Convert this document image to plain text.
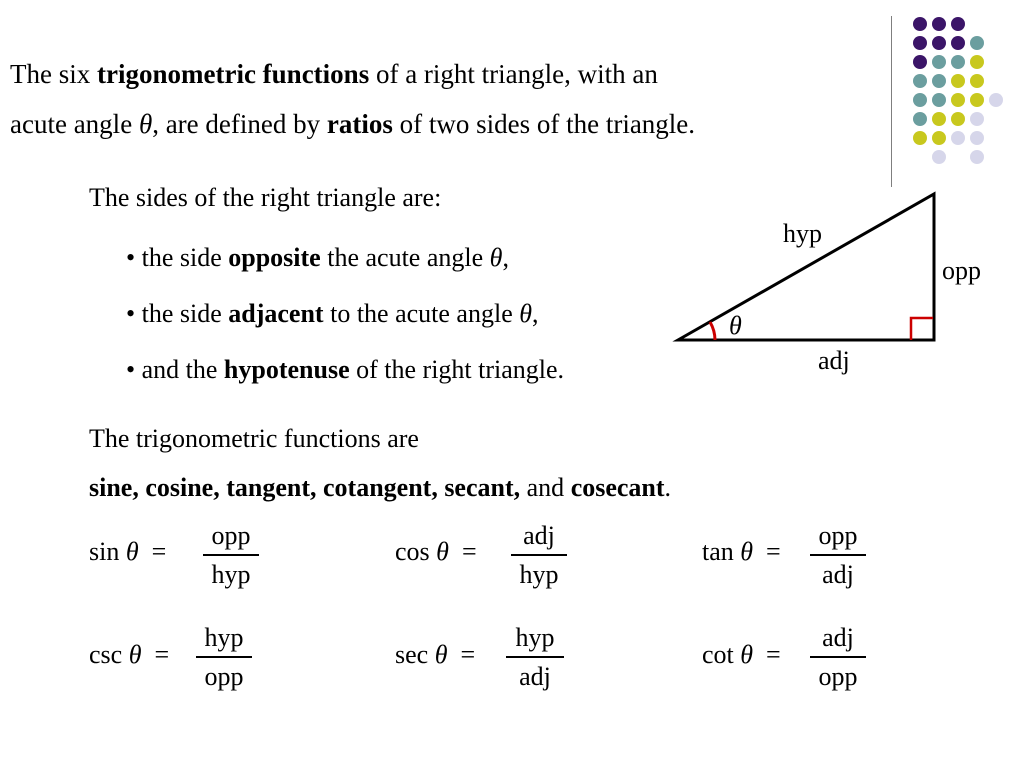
The six trigonometric functions of a right triangle, with an
acute angle θ, are defined by ratios of two sides of the triangle.
The sides of the right triangle are:
• the side opposite the acute angle θ,
• the side adjacent to the acute angle θ,
• and the hypotenuse of the right triangle.
hyp
opp
adj
θ
The trigonometric functions are
sine, cosine, tangent, cotangent, secant, and cosecant.
sin θ =
opp
hyp
cos θ =
adj
hyp
tan θ =
opp
adj
csc θ =
hyp
opp
sec θ =
hyp
adj
cot θ =
adj
opp
